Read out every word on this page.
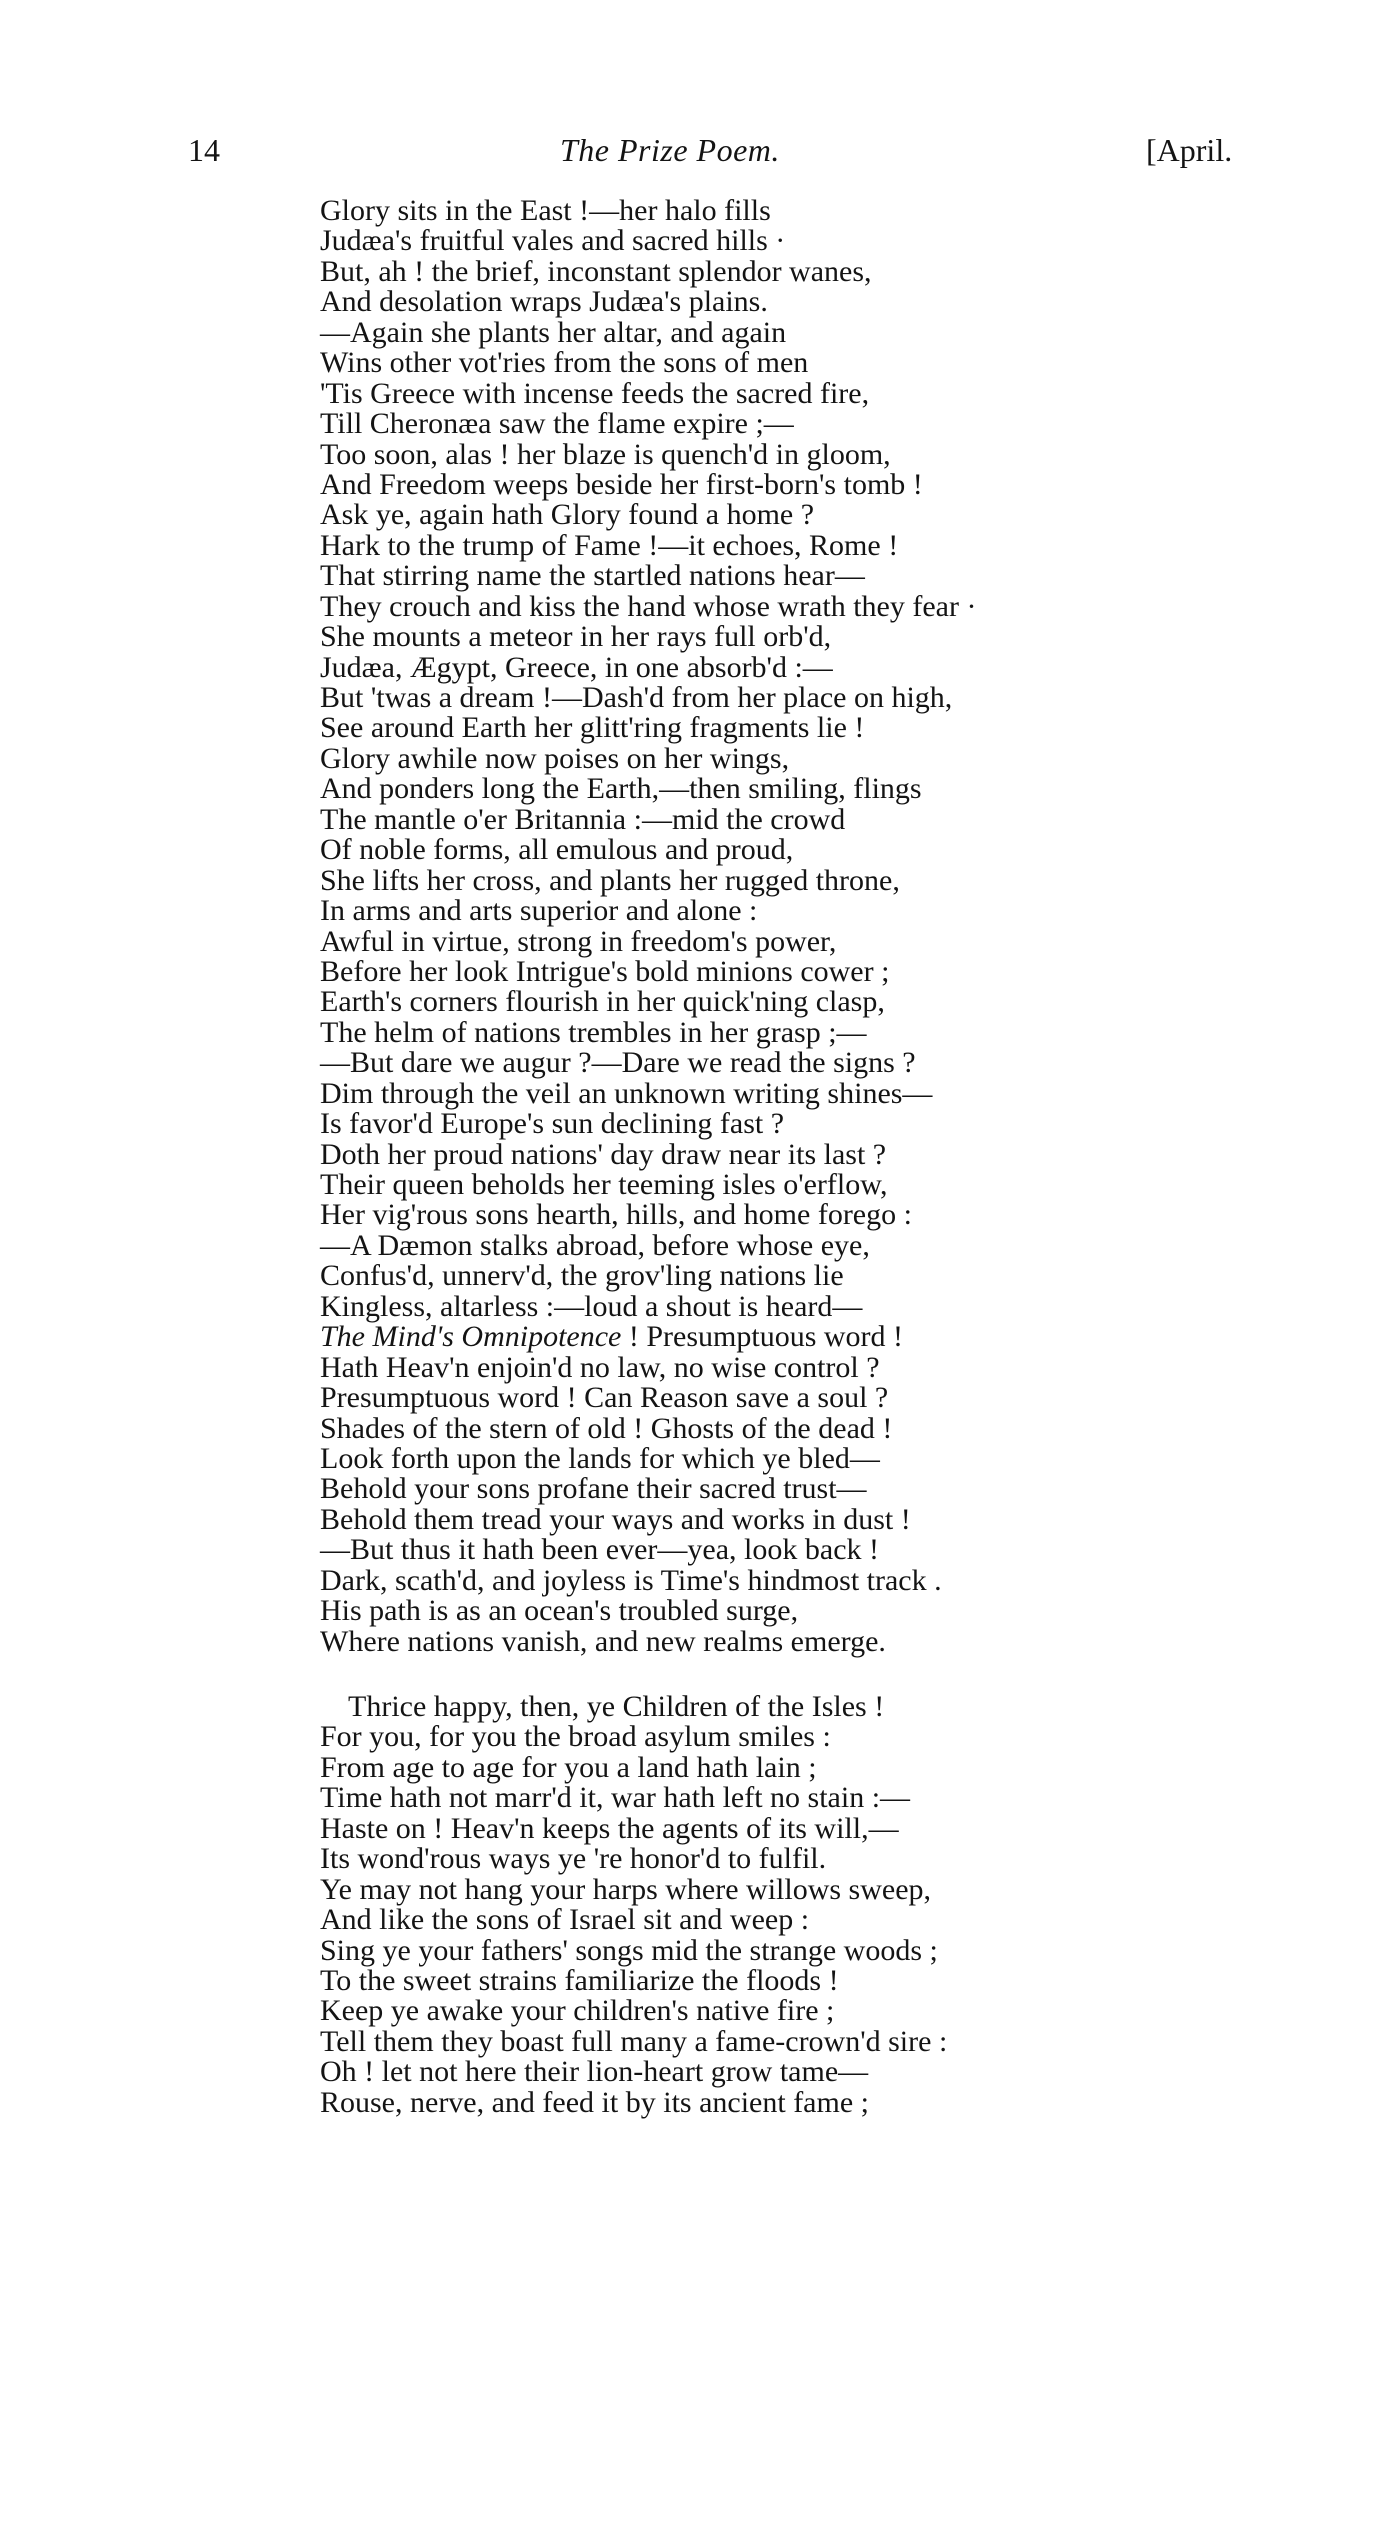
14	The Prize Poem.	[April.
Glory sits in the East !—her halo fills
Judæa's fruitful vales and sacred hills ·
But, ah ! the brief, inconstant splendor wanes,
And desolation wraps Judæa's plains.
—Again she plants her altar, and again
Wins other vot'ries from the sons of men
'Tis Greece with incense feeds the sacred fire,
Till Cheronæa saw the flame expire ;—
Too soon, alas ! her blaze is quench'd in gloom,
And Freedom weeps beside her first-born's tomb !
Ask ye, again hath Glory found a home ?
Hark to the trump of Fame !—it echoes, Rome !
That stirring name the startled nations hear—
They crouch and kiss the hand whose wrath they fear ·
She mounts a meteor in her rays full orb'd,
Judæa, Ægypt, Greece, in one absorb'd :—
But 'twas a dream !—Dash'd from her place on high,
See around Earth her glitt'ring fragments lie !
Glory awhile now poises on her wings,
And ponders long the Earth,—then smiling, flings
The mantle o'er Britannia :—mid the crowd
Of noble forms, all emulous and proud,
She lifts her cross, and plants her rugged throne,
In arms and arts superior and alone :
Awful in virtue, strong in freedom's power,
Before her look Intrigue's bold minions cower ;
Earth's corners flourish in her quick'ning clasp,
The helm of nations trembles in her grasp ;—
—But dare we augur ?—Dare we read the signs ?
Dim through the veil an unknown writing shines—
Is favor'd Europe's sun declining fast ?
Doth her proud nations' day draw near its last ?
Their queen beholds her teeming isles o'erflow,
Her vig'rous sons hearth, hills, and home forego :
—A Dæmon stalks abroad, before whose eye,
Confus'd, unnerv'd, the grov'ling nations lie
Kingless, altarless :—loud a shout is heard—
The Mind's Omnipotence ! Presumptuous word !
Hath Heav'n enjoin'd no law, no wise control ?
Presumptuous word ! Can Reason save a soul ?
Shades of the stern of old ! Ghosts of the dead !
Look forth upon the lands for which ye bled—
Behold your sons profane their sacred trust—
Behold them tread your ways and works in dust !
—But thus it hath been ever—yea, look back !
Dark, scath'd, and joyless is Time's hindmost track .
His path is as an ocean's troubled surge,
Where nations vanish, and new realms emerge.
Thrice happy, then, ye Children of the Isles !
For you, for you the broad asylum smiles :
From age to age for you a land hath lain ;
Time hath not marr'd it, war hath left no stain :—
Haste on ! Heav'n keeps the agents of its will,—
Its wond'rous ways ye 're honor'd to fulfil.
Ye may not hang your harps where willows sweep,
And like the sons of Israel sit and weep :
Sing ye your fathers' songs mid the strange woods ;
To the sweet strains familiarize the floods !
Keep ye awake your children's native fire ;
Tell them they boast full many a fame-crown'd sire :
Oh ! let not here their lion-heart grow tame—
Rouse, nerve, and feed it by its ancient fame ;
